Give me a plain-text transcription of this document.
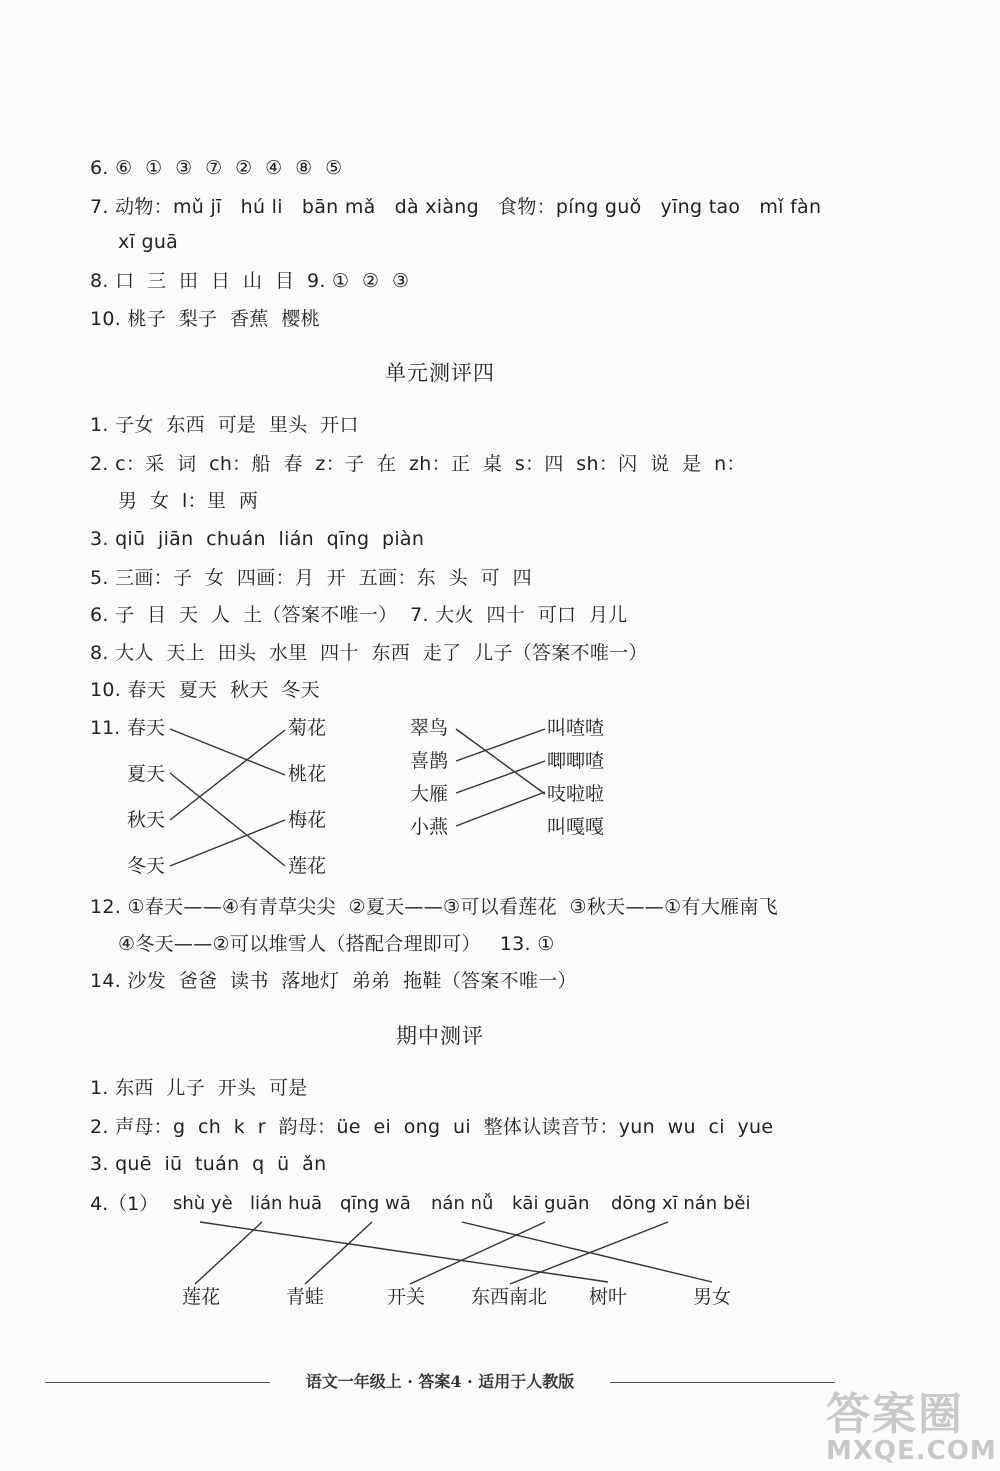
6. ⑥  ①  ③  ⑦  ②  ④  ⑧  ⑤
7. 动物：mǔ jī   hú li   bān mǎ   dà xiàng   食物：píng guǒ   yīng tao   mǐ fàn
xī guā
8. 口  三  田  日  山  目  9. ①  ②  ③
10. 桃子  梨子  香蕉  樱桃
单元测评四
1. 子女  东西  可是  里头  开口
2. c：采  词  ch：船  春  z：子  在  zh：正  桌  s：四  sh：闪  说  是  n：
男  女  l：里  两
3. qiū  jiān  chuán  lián  qīng  piàn
5. 三画：子  女  四画：月  开  五画：东  头  可  四
6. 子  目  天  人  土（答案不唯一）  7. 大火  四十  可口  月儿
8. 大人  天上  田头  水里  四十  东西  走了  儿子（答案不唯一）
10. 春天  夏天  秋天  冬天
11. 春天
夏天
秋天
冬天
菊花
桃花
梅花
莲花
翠鸟
喜鹊
大雁
小燕
叫喳喳
唧唧喳
吱啦啦
叫嘎嘎
12. ①春天——④有青草尖尖  ②夏天——③可以看莲花  ③秋天——①有大雁南飞
④冬天——②可以堆雪人（搭配合理即可）   13. ①
14. 沙发  爸爸  读书  落地灯  弟弟  拖鞋（答案不唯一）
期中测评
1. 东西  儿子  开头  可是
2. 声母：g  ch  k  r  韵母：üe  ei  ong  ui  整体认读音节：yun  wu  ci  yue
3. quē  iū  tuán  q  ü  ǎn
4.（1） shù yè lián huā qīng wā nán nǚ kāi guān dōng xī nán běi
莲花	青蛙	开关 东西南北 树叶	男女
语文一年级上 · 答案4 · 适用于人教版
答案圈
MXQE.COM
